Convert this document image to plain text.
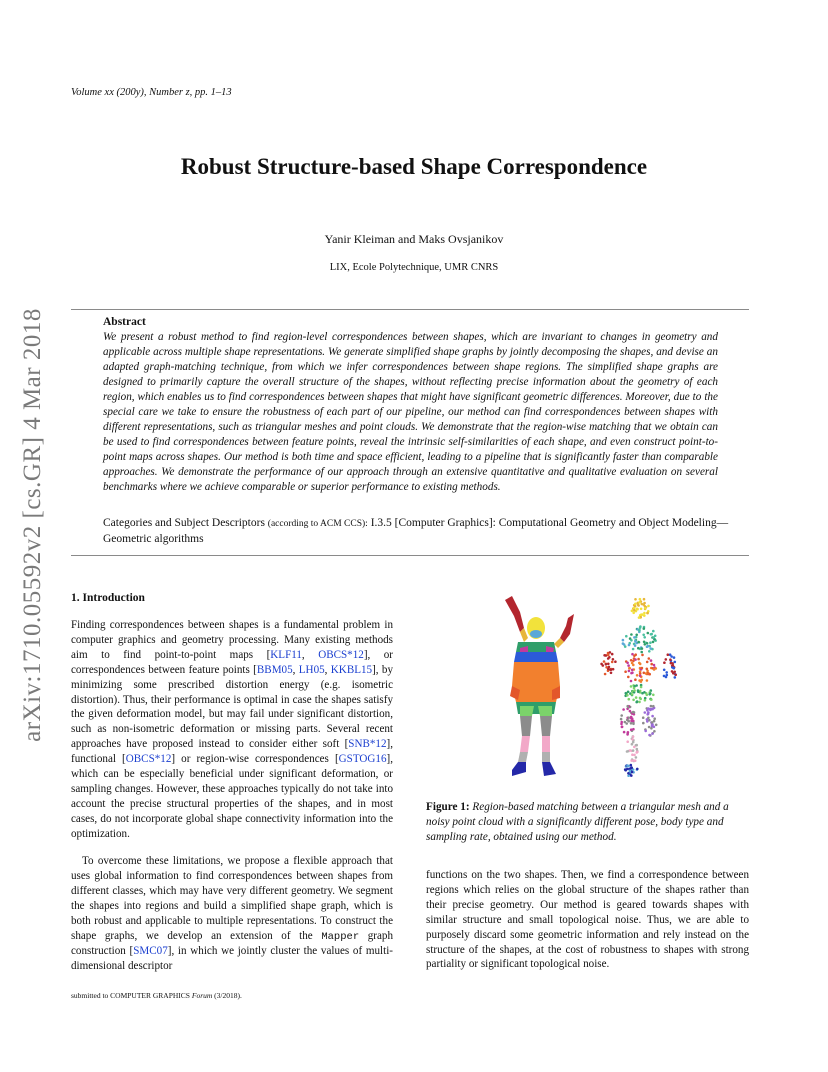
Volume xx (200y), Number z, pp. 1–13
Robust Structure-based Shape Correspondence
Yanir Kleiman and Maks Ovsjanikov
LIX, Ecole Polytechnique, UMR CNRS
arXiv:1710.05592v2 [cs.GR] 4 Mar 2018	Abstract
We present a robust method to find region-level correspondences between shapes, which are invariant to changes in geometry and applicable across multiple shape representations. We generate simplified shape graphs by jointly decomposing the shapes, and devise an adapted graph-matching technique, from which we infer correspondences between shape regions. The simplified shape graphs are designed to primarily capture the overall structure of the shapes, without reflecting precise information about the geometry of each region, which enables us to find correspondences between shapes that might have significant geometric differences. Moreover, due to the special care we take to ensure the robustness of each part of our pipeline, our method can find correspondences between shapes with different representations, such as triangular meshes and point clouds. We demonstrate that the region-wise matching that we obtain can be used to find correspondences between feature points, reveal the intrinsic self-similarities of each shape, and even construct point-to-point maps across shapes. Our method is both time and space efficient, leading to a pipeline that is significantly faster than comparable approaches. We demonstrate the performance of our approach through an extensive quantitative and qualitative evaluation on several benchmarks where we achieve comparable or superior performance to existing methods.
Categories and Subject Descriptors (according to ACM CCS): I.3.5 [Computer Graphics]: Computational Geometry and Object Modeling—Geometric algorithms
1. Introduction
Finding correspondences between shapes is a fundamental problem in computer graphics and geometry processing. Many existing methods aim to find point-to-point maps [KLF11, OBCS*12], or correspondences between feature points [BBM05, LH05, KKBL15], by minimizing some prescribed distortion energy (e.g. isometric distortion). Thus, their performance is optimal in case the shapes satisfy the given deformation model, but may fail under significant distortion, such as non-isometric deformation or missing parts. Several recent approaches have proposed instead to consider either soft [SNB*12], functional [OBCS*12] or region-wise correspondences [GSTOG16], which can be especially beneficial under significant deformation, or sampling changes. However, these approaches typically do not take into account the precise structural properties of the shapes, and in most cases, do not incorporate global shape connectivity information into the optimization.
To overcome these limitations, we propose a flexible approach that uses global information to find correspondences between shapes from different classes, which may have very different geometry. We segment the shapes into regions and build a simplified shape graph, which is both robust and applicable to multiple representations. To construct the shape graphs, we develop an extension of the Mapper graph construction [SMC07], in which we jointly cluster the values of multi-dimensional descriptor
functions on the two shapes. Then, we find a correspondence between regions which relies on the global structure of the shapes rather than their precise geometry. Our method is geared towards shapes with similar structure and small topological noise. Thus, we are able to purposely discard some geometric information and rely instead on the structure of the shapes, at the cost of robustness to shapes with strong partiality or significant topological noise.
Figure 1: Region-based matching between a triangular mesh and a noisy point cloud with a significantly different pose, body type and sampling rate, obtained using our method.
submitted to COMPUTER GRAPHICS Forum (3/2018).
